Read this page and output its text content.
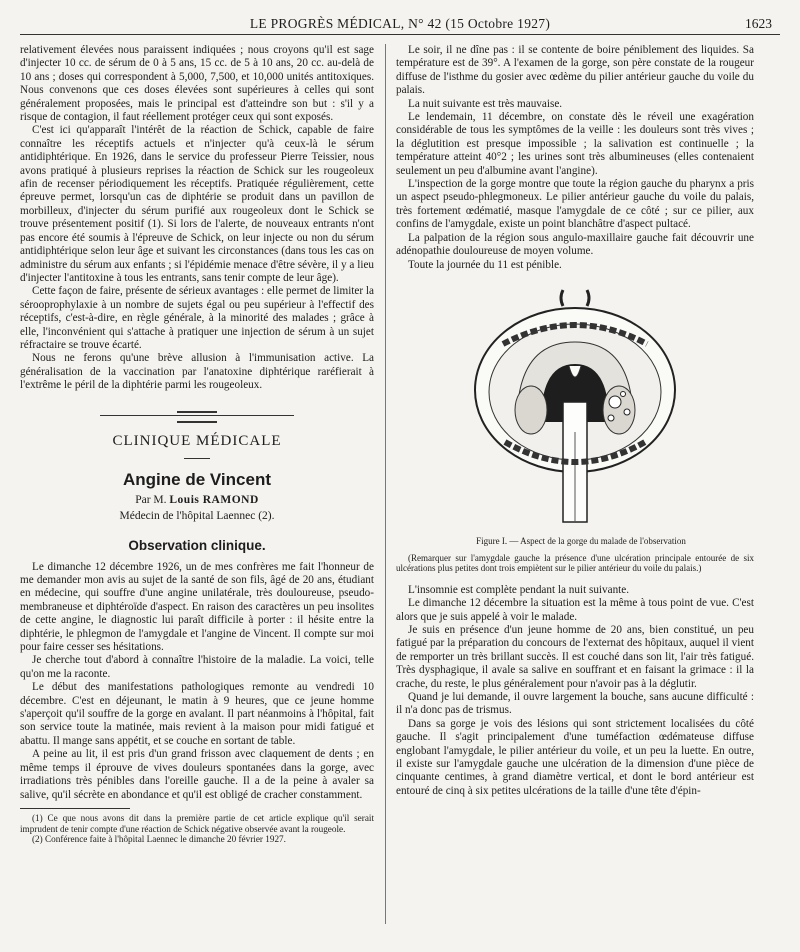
LE PROGRÈS MÉDICAL, N° 42 (15 Octobre 1927)	1623

relativement élevées nous paraissent indiquées ; nous croyons qu'il est sage d'injecter 10 cc. de sérum de 0 à 5 ans, 15 cc. de 5 à 10 ans, 20 cc. au-delà de 10 ans ; doses qui correspondent à 5,000, 7,500, et 10,000 unités antitoxiques. Nous convenons que ces doses élevées sont supérieures à celles qui sont généralement proposées, mais le principal est d'atteindre son but : s'il y a risque de contagion, il faut réellement protéger ceux qui sont exposés.

C'est ici qu'apparaît l'intérêt de la réaction de Schick, capable de faire connaître les réceptifs actuels et n'injecter qu'à ceux-là le sérum antidiphtérique. En 1926, dans le service du professeur Pierre Teissier, nous avons pratiqué à plusieurs reprises la réaction de Schick sur les rougeoleux afin de recenser périodiquement les réceptifs. Pratiquée régulièrement, cette épreuve permet, lorsqu'un cas de diphtérie se produit dans un pavillon de morbilleux, d'injecter du sérum purifié aux rougeoleux dont le Schick se trouve présentement positif (1). Si lors de l'alerte, de nouveaux entrants n'ont pas encore été soumis à l'épreuve de Schick, on leur injecte ou non du sérum antidiphtérique selon leur âge et suivant les circonstances (dans tous les cas on administre du sérum aux enfants ; si l'épidémie menace d'être sévère, il y a lieu d'injecter l'antitoxine à tous les entrants, sans tenir compte de leur âge).

Cette façon de faire, présente de sérieux avantages : elle permet de limiter la sérooprophylaxie à un nombre de sujets égal ou peu supérieur à l'effectif des réceptifs, c'est-à-dire, en règle générale, à la minorité des malades ; grâce à elle, l'inconvénient qui s'attache à pratiquer une injection de sérum à un sujet réfractaire se trouve écarté.

Nous ne ferons qu'une brève allusion à l'immunisation active. La généralisation de la vaccination par l'anatoxine diphtérique raréfierait à l'extrême le péril de la diphtérie parmi les rougeoleux.

CLINIQUE MÉDICALE
Angine de Vincent
Par M. Louis RAMOND
Médecin de l'hôpital Laennec (2).
Observation clinique.

Le dimanche 12 décembre 1926, un de mes confrères me fait l'honneur de me demander mon avis au sujet de la santé de son fils, âgé de 20 ans, étudiant en médecine, qui souffre d'une angine unilatérale, très douloureuse, pseudo-membraneuse et diphtéroïde d'aspect. En raison des caractères un peu insolites de cette angine, le diagnostic lui paraît difficile à porter : il hésite entre la diphtérie, le phlegmon de l'amygdale et l'angine de Vincent. Il compte sur moi pour faire cesser ses hésitations.

Je cherche tout d'abord à connaître l'histoire de la maladie. La voici, telle qu'on me la raconte.

Le début des manifestations pathologiques remonte au vendredi 10 décembre. C'est en déjeunant, le matin à 9 heures, que ce jeune homme s'aperçoit qu'il souffre de la gorge en avalant. Il part néanmoins à l'hôpital, fait son service toute la matinée, mais revient à la maison pour midi fatigué et abattu. Il mange sans appétit, et se couche en sortant de table.

A peine au lit, il est pris d'un grand frisson avec claquement de dents ; en même temps il éprouve de vives douleurs spontanées dans la gorge, avec irradiations très pénibles dans l'oreille gauche. Il a de la peine à avaler sa salive, qu'il sécrète en abondance et qu'il est obligé de cracher constamment.

(1) Ce que nous avons dit dans la première partie de cet article explique qu'il serait imprudent de tenir compte d'une réaction de Schick négative observée avant la rougeole.

(2) Conférence faite à l'hôpital Laennec le dimanche 20 février 1927.

Le soir, il ne dîne pas : il se contente de boire péniblement des liquides. Sa température est de 39°. A l'examen de la gorge, son père constate de la rougeur diffuse de l'isthme du gosier avec œdème du pilier antérieur gauche du voile du palais.

La nuit suivante est très mauvaise.

Le lendemain, 11 décembre, on constate dès le réveil une exagération considérable de tous les symptômes de la veille : les douleurs sont très vives ; la déglutition est presque impossible ; la salivation est continuelle ; la température atteint 40°2 ; les urines sont très albumineuses (elles contenaient seulement un peu d'albumine avant l'angine).

L'inspection de la gorge montre que toute la région gauche du pharynx a pris un aspect pseudo-phlegmoneux. Le pilier antérieur gauche du voile du palais, très fortement œdématié, masque l'amygdale de ce côté ; sur ce pilier, aux confins de l'amygdale, existe un point blanchâtre d'aspect pultacé.

La palpation de la région sous angulo-maxillaire gauche fait découvrir une adénopathie douloureuse de moyen volume.

Toute la journée du 11 est pénible.

Figure I. — Aspect de la gorge du malade de l'observation

(Remarquer sur l'amygdale gauche la présence d'une ulcération principale entourée de six ulcérations plus petites dont trois empiètent sur le pilier antérieur du voile du palais.)

L'insomnie est complète pendant la nuit suivante.

Le dimanche 12 décembre la situation est la même à tous point de vue. C'est alors que je suis appelé à voir le malade.

Je suis en présence d'un jeune homme de 20 ans, bien constitué, un peu fatigué par la préparation du concours de l'externat des hôpitaux, auquel il vient de remporter un très brillant succès. Il est couché dans son lit, l'air très fatigué. Très dysphagique, il avale sa salive en souffrant et en faisant la grimace : il la crache, du reste, le plus généralement pour n'avoir pas à la déglutir.

Quand je lui demande, il ouvre largement la bouche, sans aucune difficulté : il n'a donc pas de trismus.

Dans sa gorge je vois des lésions qui sont strictement localisées du côté gauche. Il s'agit principalement d'une tuméfaction œdémateuse diffuse englobant l'amygdale, le pilier antérieur du voile, et un peu la luette. En outre, il existe sur l'amygdale gauche une ulcération de la dimension d'une pièce de cinquante centimes, à grand diamètre vertical, et dont le bord antérieur est entouré de cinq à six petites ulcérations de la taille d'une tête d'épin-
